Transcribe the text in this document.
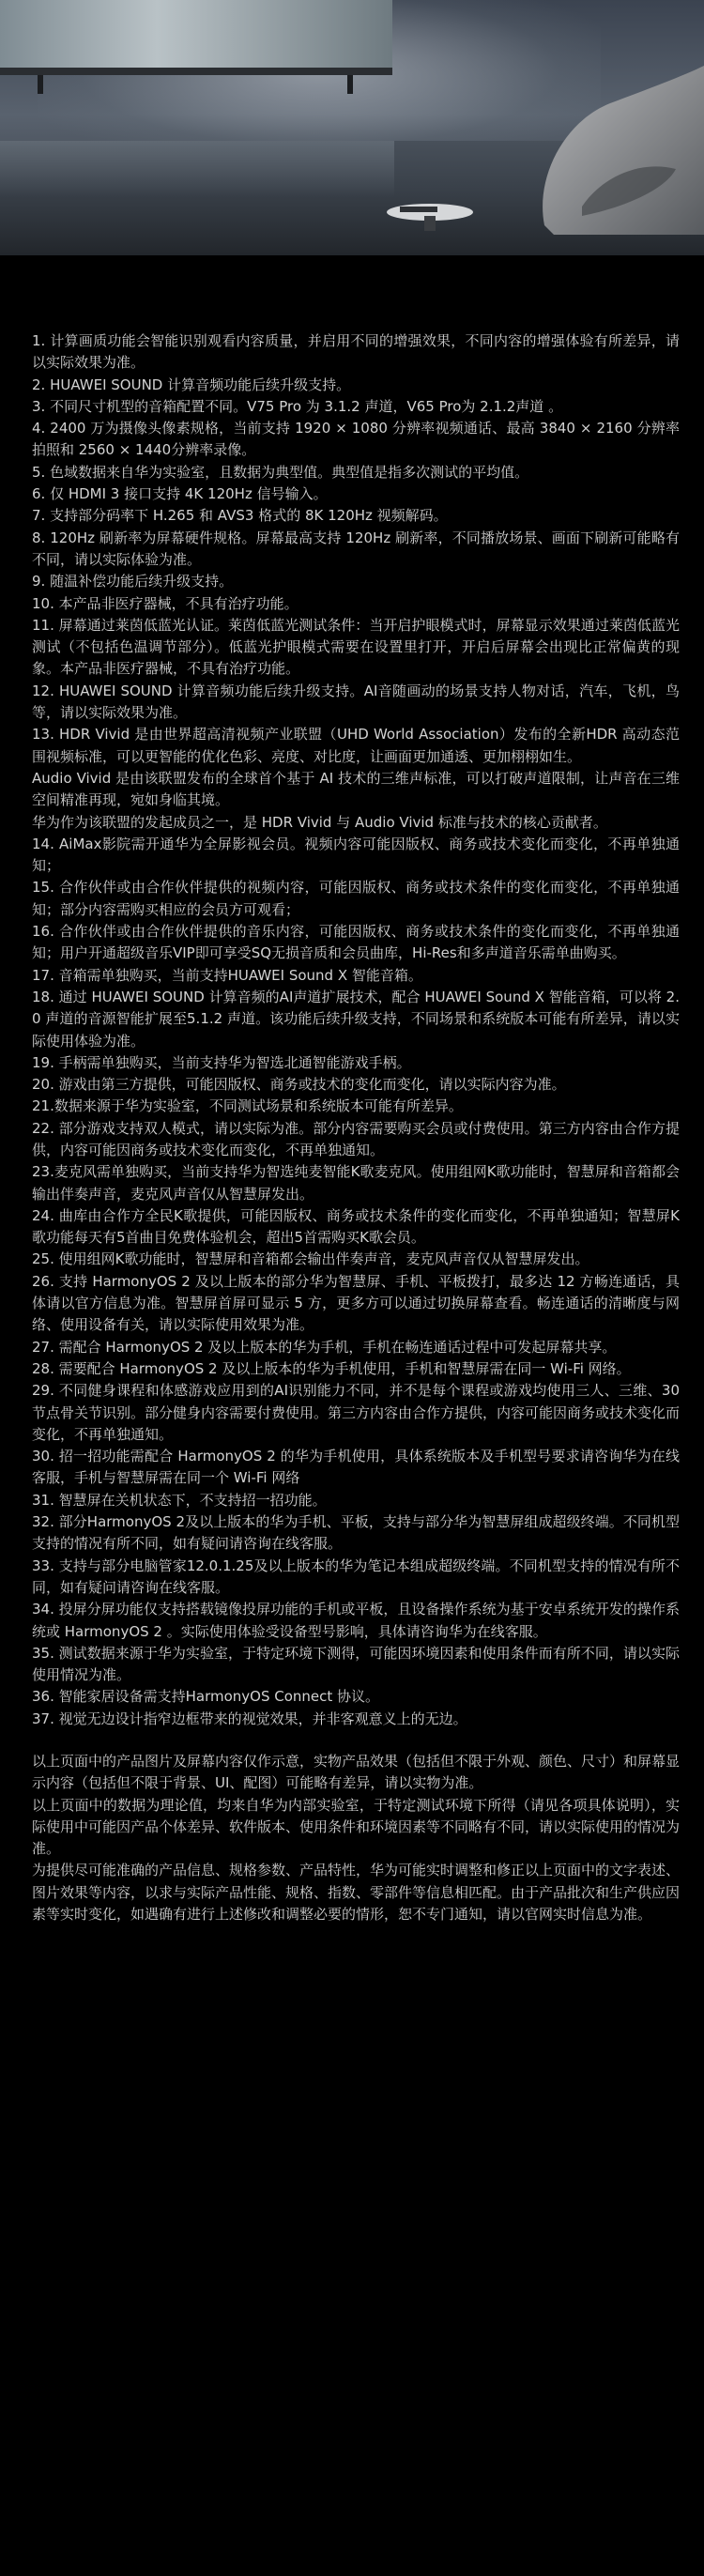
1. 计算画质功能会智能识别观看内容质量，并启用不同的增强效果，不同内容的增强体验有所差异，请以实际效果为准。

2. HUAWEI SOUND 计算音频功能后续升级支持。

3. 不同尺寸机型的音箱配置不同。V75 Pro 为 3.1.2 声道，V65 Pro为 2.1.2声道 。

4. 2400 万为摄像头像素规格，当前支持 1920 × 1080 分辨率视频通话、最高 3840 × 2160 分辨率拍照和 2560 × 1440分辨率录像。

5. 色域数据来自华为实验室，且数据为典型值。典型值是指多次测试的平均值。

6. 仅 HDMI 3 接口支持 4K 120Hz 信号输入。

7. 支持部分码率下 H.265 和 AVS3 格式的 8K 120Hz 视频解码。

8. 120Hz 刷新率为屏幕硬件规格。屏幕最高支持 120Hz 刷新率，不同播放场景、画面下刷新可能略有不同，请以实际体验为准。

9. 随温补偿功能后续升级支持。

10. 本产品非医疗器械，不具有治疗功能。

11. 屏幕通过莱茵低蓝光认证。莱茵低蓝光测试条件：当开启护眼模式时，屏幕显示效果通过莱茵低蓝光测试（不包括色温调节部分）。低蓝光护眼模式需要在设置里打开，开启后屏幕会出现比正常偏黄的现象。本产品非医疗器械，不具有治疗功能。

12. HUAWEI SOUND 计算音频功能后续升级支持。AI音随画动的场景支持人物对话，汽车，飞机，鸟等，请以实际效果为准。

13. HDR Vivid 是由世界超高清视频产业联盟（UHD World Association）发布的全新HDR 高动态范围视频标准，可以更智能的优化色彩、亮度、对比度，让画面更加通透、更加栩栩如生。

Audio Vivid 是由该联盟发布的全球首个基于 AI 技术的三维声标准，可以打破声道限制，让声音在三维空间精准再现，宛如身临其境。

华为作为该联盟的发起成员之一，是 HDR Vivid 与 Audio Vivid 标准与技术的核心贡献者。

14. AiMax影院需开通华为全屏影视会员。视频内容可能因版权、商务或技术变化而变化，不再单独通知；

15. 合作伙伴或由合作伙伴提供的视频内容，可能因版权、商务或技术条件的变化而变化，不再单独通知；部分内容需购买相应的会员方可观看；

16. 合作伙伴或由合作伙伴提供的音乐内容，可能因版权、商务或技术条件的变化而变化，不再单独通知；用户开通超级音乐VIP即可享受SQ无损音质和会员曲库，Hi-Res和多声道音乐需单曲购买。

17. 音箱需单独购买，当前支持HUAWEI Sound X 智能音箱。

18. 通过 HUAWEI SOUND 计算音频的AI声道扩展技术，配合 HUAWEI Sound X 智能音箱，可以将 2.0 声道的音源智能扩展至5.1.2 声道。该功能后续升级支持，不同场景和系统版本可能有所差异，请以实际使用体验为准。

19. 手柄需单独购买，当前支持华为智选北通智能游戏手柄。

20. 游戏由第三方提供，可能因版权、商务或技术的变化而变化，请以实际内容为准。

21.数据来源于华为实验室，不同测试场景和系统版本可能有所差异。

22. 部分游戏支持双人模式，请以实际为准。部分内容需要购买会员或付费使用。第三方内容由合作方提供，内容可能因商务或技术变化而变化，不再单独通知。

23.麦克风需单独购买，当前支持华为智选纯麦智能K歌麦克风。使用组网K歌功能时，智慧屏和音箱都会输出伴奏声音，麦克风声音仅从智慧屏发出。

24. 曲库由合作方全民K歌提供，可能因版权、商务或技术条件的变化而变化，不再单独通知；智慧屏K歌功能每天有5首曲目免费体验机会，超出5首需购买K歌会员。

25. 使用组网K歌功能时，智慧屏和音箱都会输出伴奏声音，麦克风声音仅从智慧屏发出。

26. 支持 HarmonyOS 2 及以上版本的部分华为智慧屏、手机、平板拨打，最多达 12 方畅连通话，具体请以官方信息为准。智慧屏首屏可显示 5 方，更多方可以通过切换屏幕查看。畅连通话的清晰度与网络、使用设备有关，请以实际使用效果为准。

27. 需配合 HarmonyOS 2 及以上版本的华为手机，手机在畅连通话过程中可发起屏幕共享。

28. 需要配合 HarmonyOS 2 及以上版本的华为手机使用，手机和智慧屏需在同一 Wi-Fi 网络。

29. 不同健身课程和体感游戏应用到的AI识别能力不同，并不是每个课程或游戏均使用三人、三维、30节点骨关节识别。部分健身内容需要付费使用。第三方内容由合作方提供，内容可能因商务或技术变化而变化，不再单独通知。

30. 招一招功能需配合 HarmonyOS 2 的华为手机使用，具体系统版本及手机型号要求请咨询华为在线客服，手机与智慧屏需在同一个 Wi-Fi 网络

31. 智慧屏在关机状态下，不支持招一招功能。

32. 部分HarmonyOS 2及以上版本的华为手机、平板，支持与部分华为智慧屏组成超级终端。不同机型支持的情况有所不同，如有疑问请咨询在线客服。

33. 支持与部分电脑管家12.0.1.25及以上版本的华为笔记本组成超级终端。不同机型支持的情况有所不同，如有疑问请咨询在线客服。

34. 投屏分屏功能仅支持搭载镜像投屏功能的手机或平板，且设备操作系统为基于安卓系统开发的操作系统或 HarmonyOS 2 。实际使用体验受设备型号影响，具体请咨询华为在线客服。

35. 测试数据来源于华为实验室，于特定环境下测得，可能因环境因素和使用条件而有所不同，请以实际使用情况为准。

36. 智能家居设备需支持HarmonyOS Connect 协议。

37. 视觉无边设计指窄边框带来的视觉效果，并非客观意义上的无边。

以上页面中的产品图片及屏幕内容仅作示意，实物产品效果（包括但不限于外观、颜色、尺寸）和屏幕显示内容（包括但不限于背景、UI、配图）可能略有差异，请以实物为准。

以上页面中的数据为理论值，均来自华为内部实验室，于特定测试环境下所得（请见各项具体说明），实际使用中可能因产品个体差异、软件版本、使用条件和环境因素等不同略有不同，请以实际使用的情况为准。

为提供尽可能准确的产品信息、规格参数、产品特性，华为可能实时调整和修正以上页面中的文字表述、图片效果等内容，以求与实际产品性能、规格、指数、零部件等信息相匹配。由于产品批次和生产供应因素等实时变化，如遇确有进行上述修改和调整必要的情形，恕不专门通知，请以官网实时信息为准。
